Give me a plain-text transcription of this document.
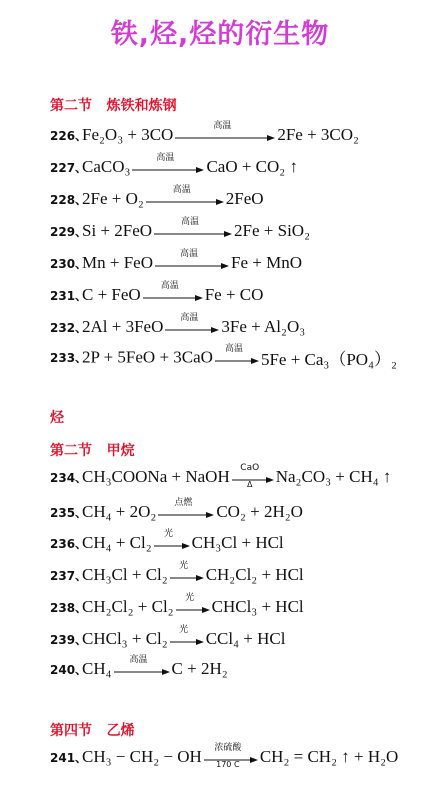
铁,烃,烃的衍生物
第二节   炼铁和炼钢
226、Fe₂O₃ + 3CO	高温	2Fe + 3CO₂
227、CaCO₃	高温	CaO + CO₂ ↑
228、2Fe + O₂	高温	2FeO
229、Si + 2FeO	高温	2Fe + SiO₂
230、Mn + FeO	高温	Fe + MnO
231、C + FeO	高温	Fe + CO
232、2Al + 3FeO	高温	3Fe + Al₂O₃
233、2P + 5FeO + 3CaO	高温
5Fe + Ca₃（PO₄）₂
烃
第二节   甲烷
234、CH₃COONa + NaOH	CaO
Δ	Na₂CO₃ + CH₄ ↑
235、CH₄ + 2O₂	点燃	CO₂ + 2H₂O
236、CH₄ + Cl₂	光	CH₃Cl + HCl
237、CH₃Cl + Cl₂	光	CH₂Cl₂ + HCl
238、CH₂Cl₂ + Cl₂	光	CHCl₃ + HCl
239、CHCl₃ + Cl₂	光	CCl₄ + HCl
240、CH₄	高温	C + 2H₂
第四节   乙烯
241、CH₃ − CH₂ − OH	浓硫酸
170 C	CH₂ = CH₂ ↑ + H₂O
